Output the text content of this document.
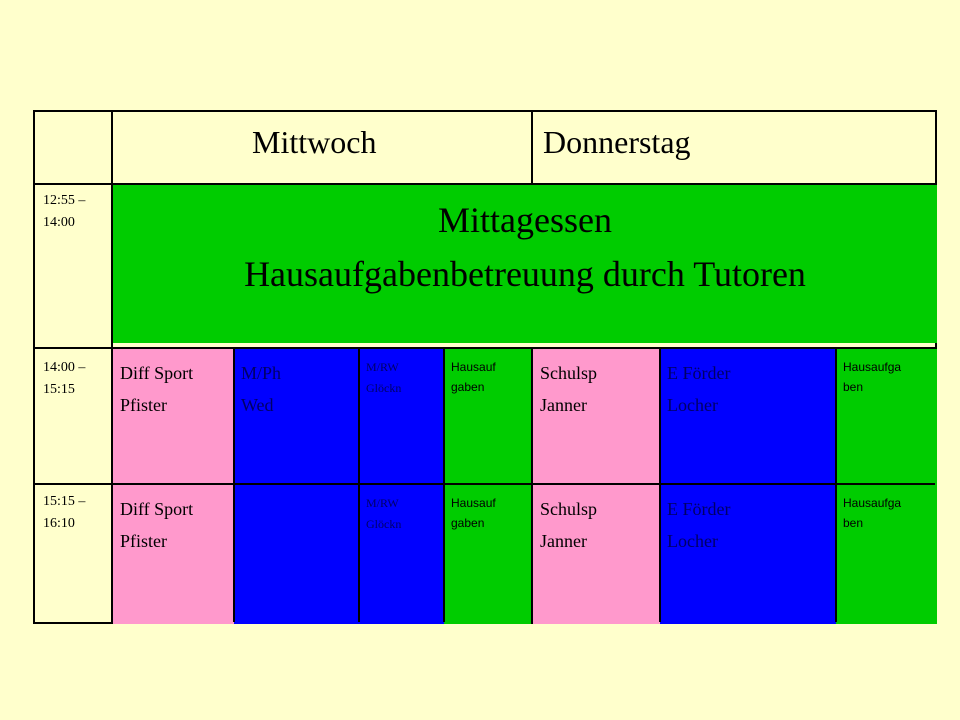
Mittwoch	Donnerstag
12:55 –
14:00
14:00 –
15:15
15:15 –
16:10
Mittagessen
Hausaufgabenbetreuung durch Tutoren
Diff Sport
Pfister
M/Ph
Wed
M/RW
Glöckn
Hausauf
gaben
Schulsp
Janner
E Förder
Locher
Hausaufga
ben
Diff Sport
Pfister
M/RW
Glöckn
Hausauf
gaben
Schulsp
Janner
E Förder
Locher
Hausaufga
ben
